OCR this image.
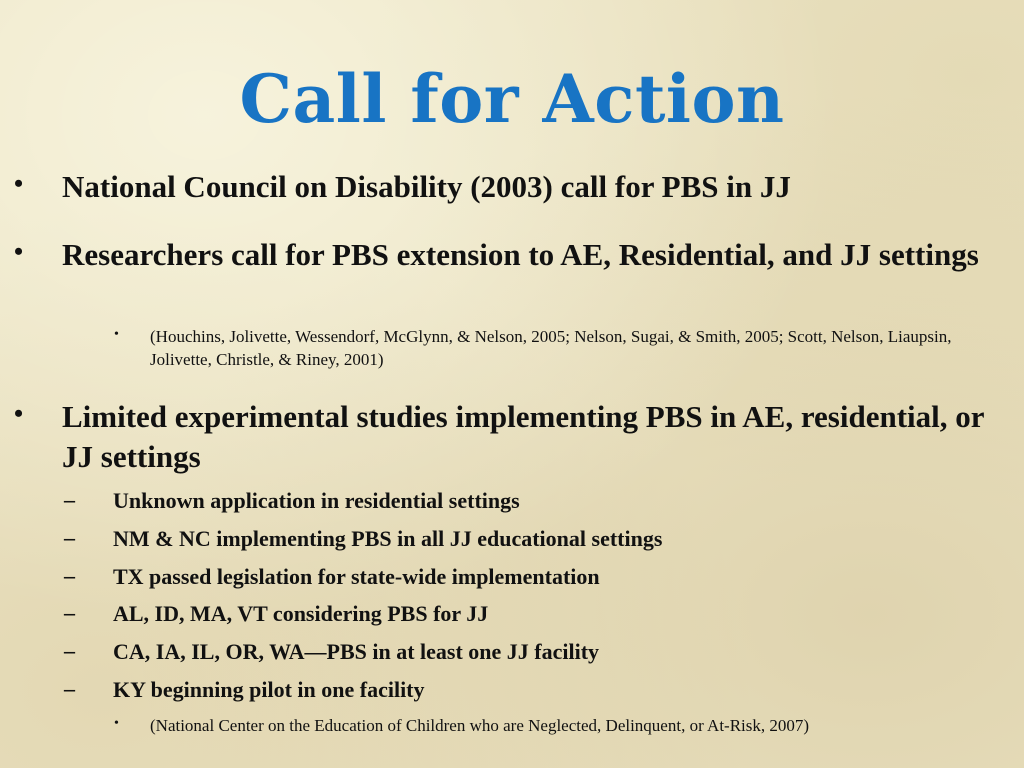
Call for Action
• National Council on Disability (2003) call for PBS in JJ
• Researchers call for PBS extension to AE, Residential, and JJ settings
• (Houchins, Jolivette, Wessendorf, McGlynn, & Nelson, 2005; Nelson, Sugai, & Smith, 2005; Scott, Nelson, Liaupsin, Jolivette, Christle, & Riney, 2001)
• Limited experimental studies implementing PBS in AE, residential, or JJ settings
– Unknown application in residential settings
– NM & NC implementing PBS in all JJ educational settings
– TX passed legislation for state-wide implementation
– AL, ID, MA, VT considering PBS for JJ
– CA, IA, IL, OR, WA—PBS in at least one JJ facility
– KY beginning pilot in one facility
• (National Center on the Education of Children who are Neglected, Delinquent, or At-Risk, 2007)
